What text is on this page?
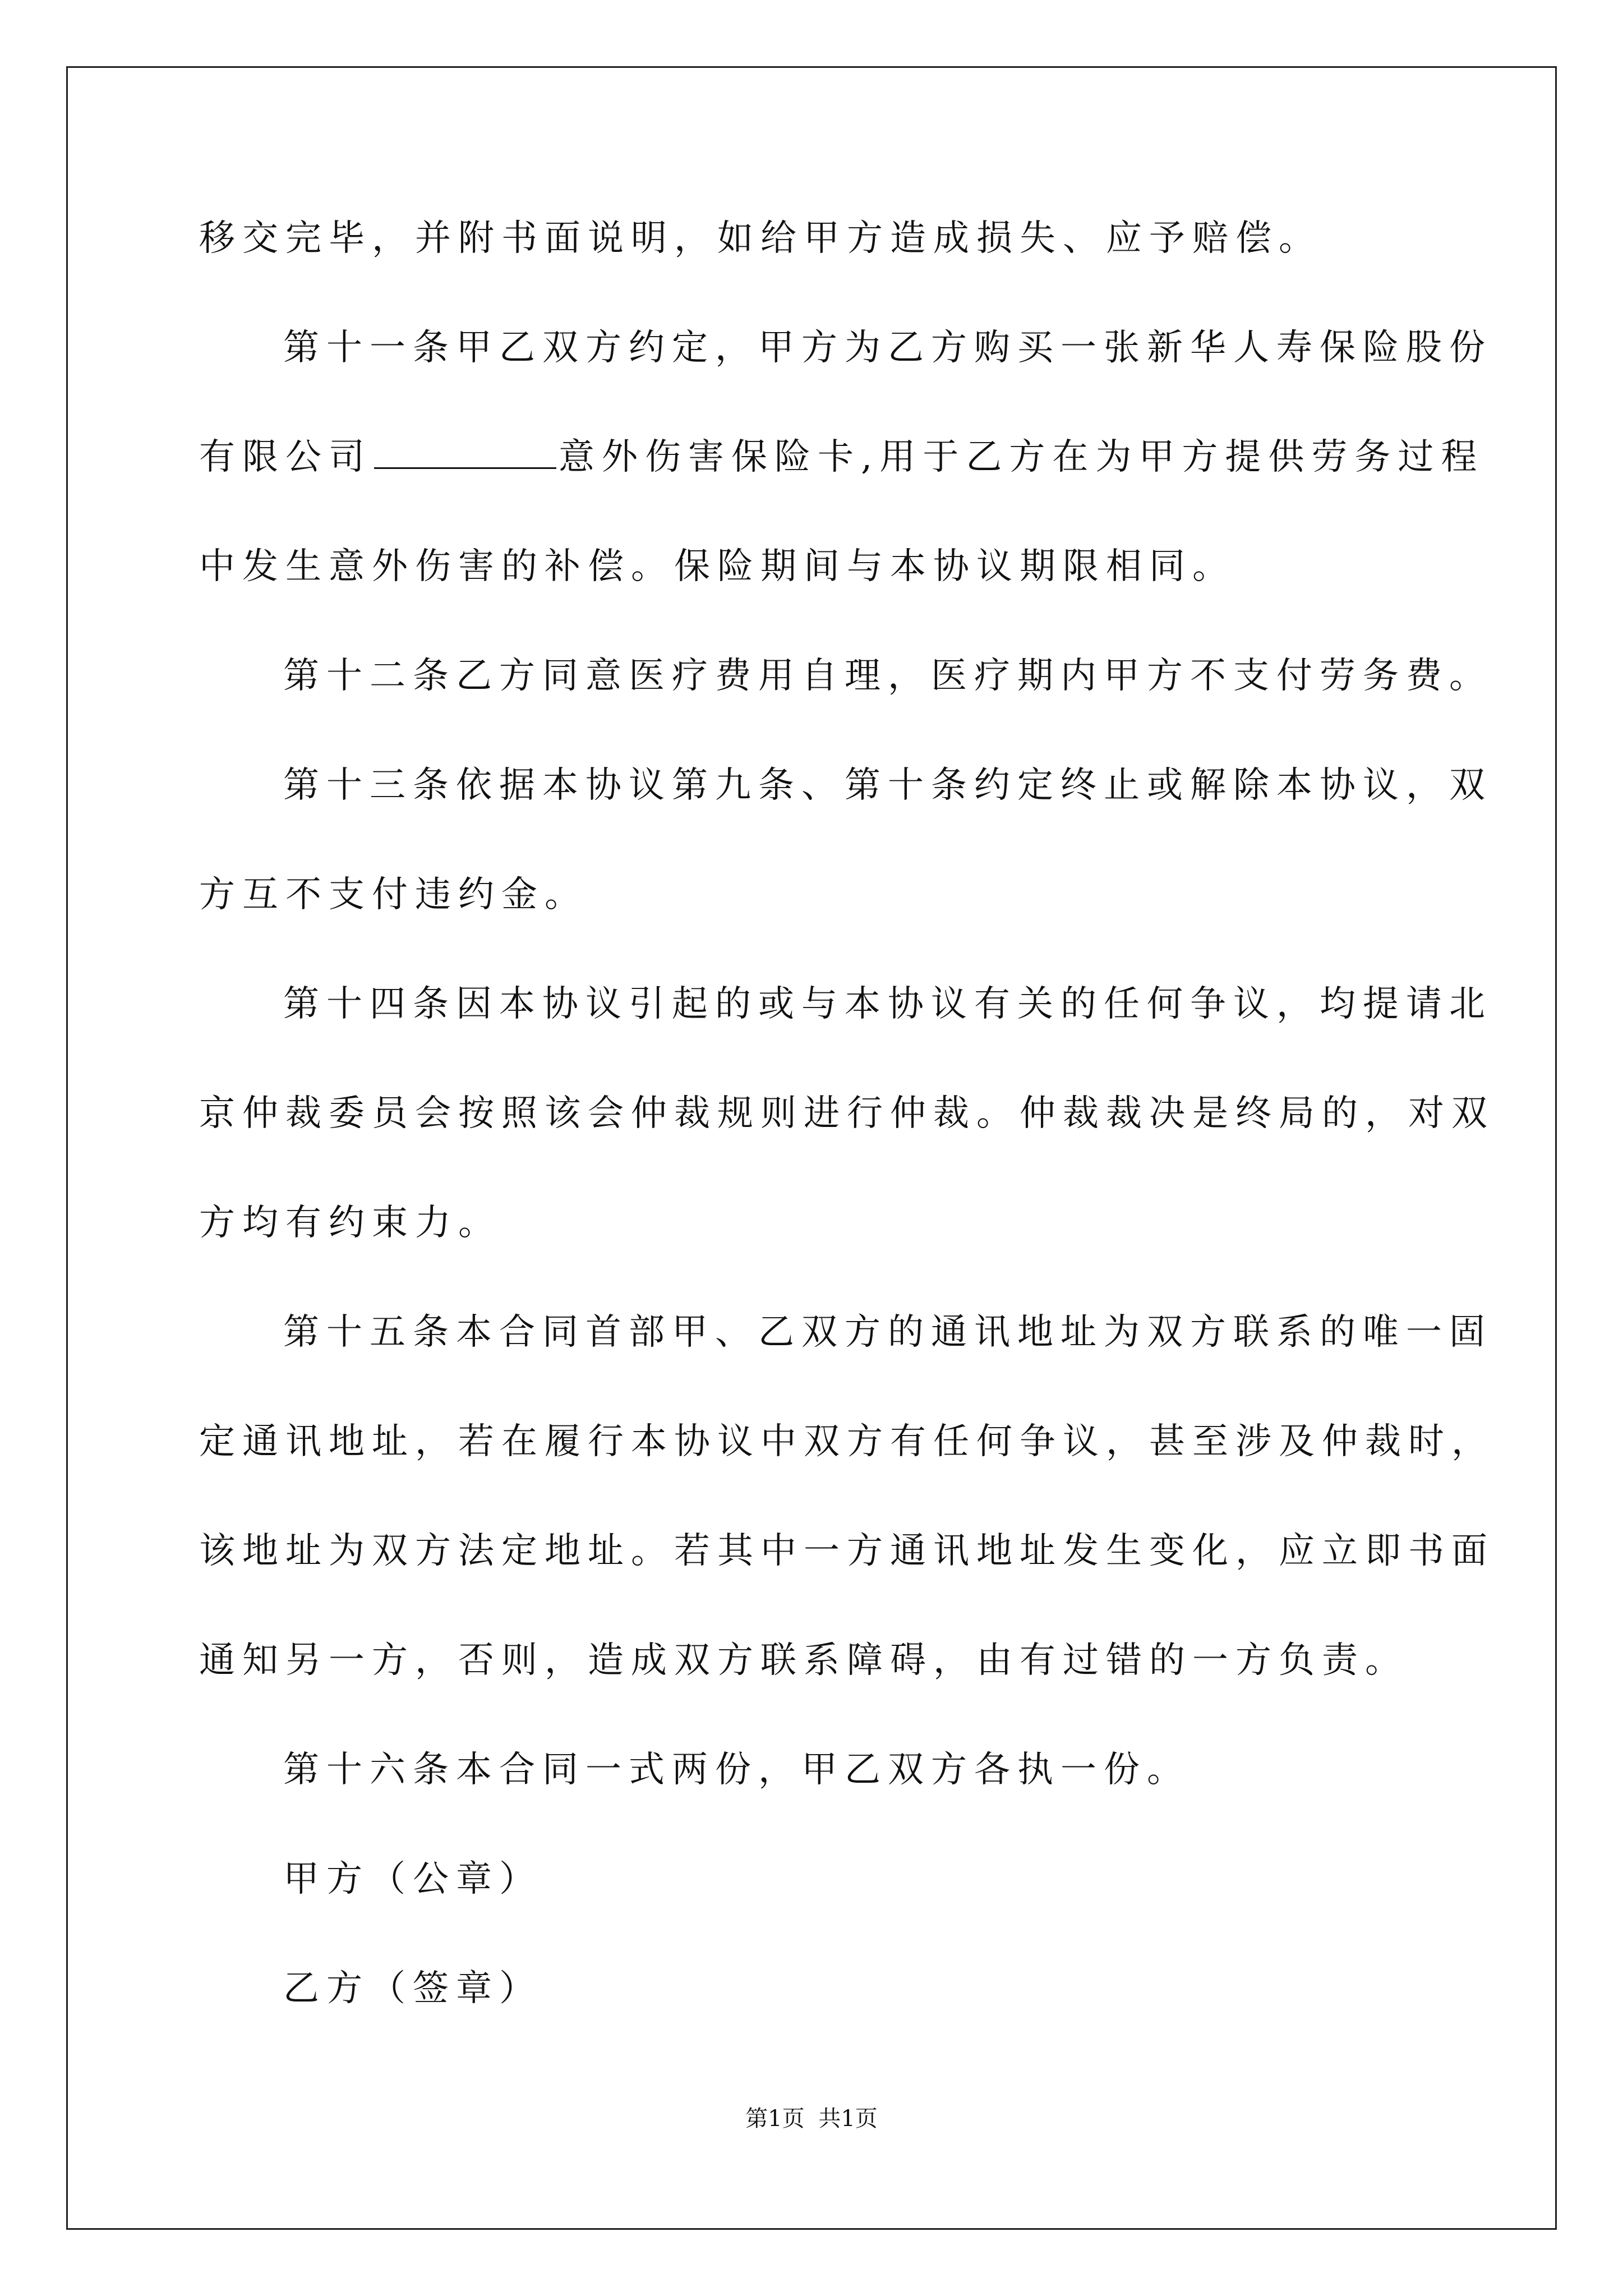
移交完毕，并附书面说明，如给甲方造成损失、应予赔偿。
第十一条甲乙双方约定，甲方为乙方购买一张新华人寿保险股份
有限公司	意外伤害保险卡,用于乙方在为甲方提供劳务过程
中发生意外伤害的补偿。保险期间与本协议期限相同。
第十二条乙方同意医疗费用自理，医疗期内甲方不支付劳务费。
第十三条依据本协议第九条、第十条约定终止或解除本协议，双
方互不支付违约金。
第十四条因本协议引起的或与本协议有关的任何争议，均提请北
京仲裁委员会按照该会仲裁规则进行仲裁。仲裁裁决是终局的，对双
方均有约束力。
第十五条本合同首部甲、乙双方的通讯地址为双方联系的唯一固
定通讯地址，若在履行本协议中双方有任何争议，甚至涉及仲裁时，
该地址为双方法定地址。若其中一方通讯地址发生变化，应立即书面
通知另一方，否则，造成双方联系障碍，由有过错的一方负责。
第十六条本合同一式两份，甲乙双方各执一份。
甲方（公章）
乙方（签章）
第1页 共1页
